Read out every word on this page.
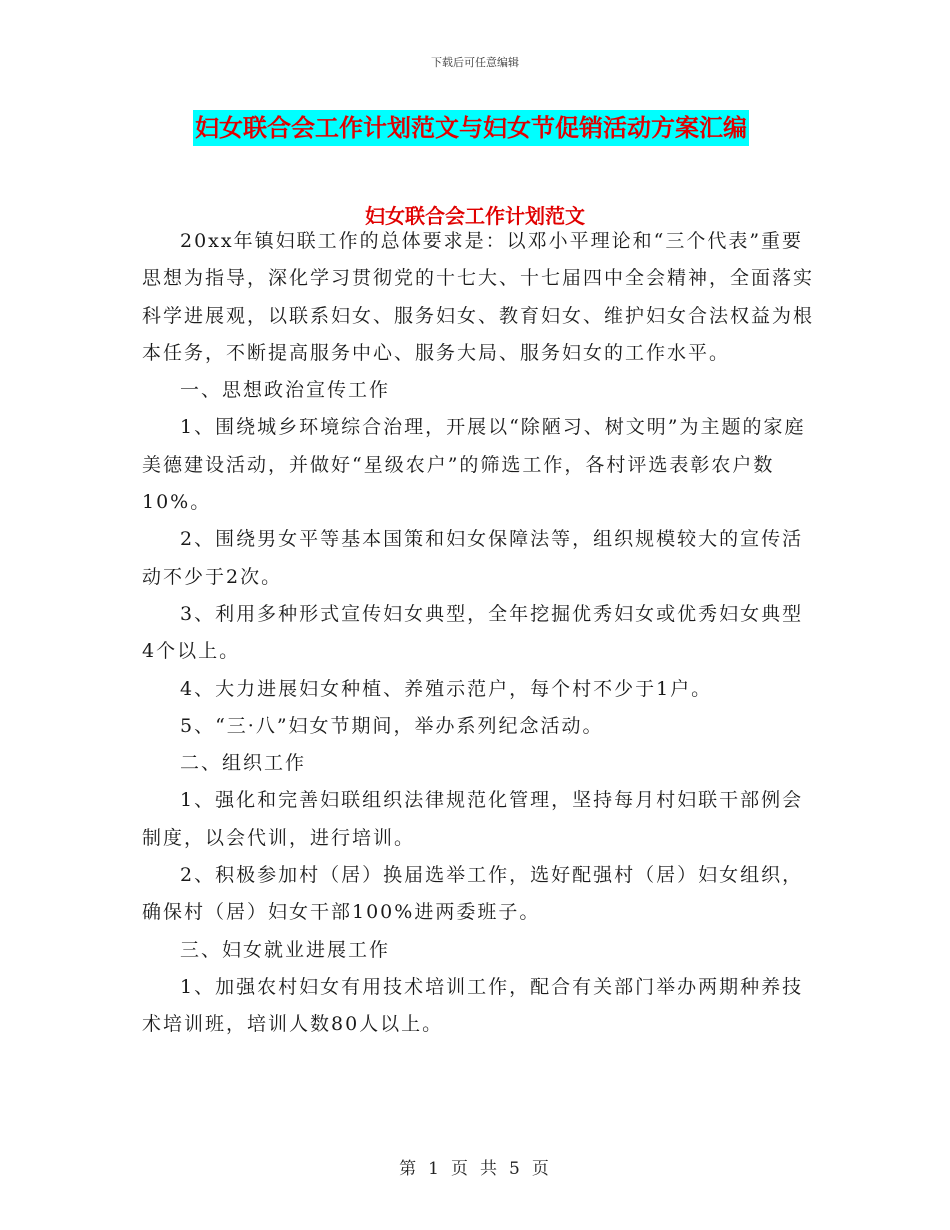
下载后可任意编辑
妇女联合会工作计划范文与妇女节促销活动方案汇编
妇女联合会工作计划范文

20xx年镇妇联工作的总体要求是：以邓小平理论和“三个代表”重要思想为指导，深化学习贯彻党的十七大、十七届四中全会精神，全面落实科学进展观，以联系妇女、服务妇女、教育妇女、维护妇女合法权益为根本任务，不断提高服务中心、服务大局、服务妇女的工作水平。

一、思想政治宣传工作

1、围绕城乡环境综合治理，开展以“除陋习、树文明”为主题的家庭美德建设活动，并做好“星级农户”的筛选工作，各村评选表彰农户数10%。

2、围绕男女平等基本国策和妇女保障法等，组织规模较大的宣传活动不少于2次。

3、利用多种形式宣传妇女典型，全年挖掘优秀妇女或优秀妇女典型4个以上。

4、大力进展妇女种植、养殖示范户，每个村不少于1户。

5、“三·八”妇女节期间，举办系列纪念活动。

二、组织工作

1、强化和完善妇联组织法律规范化管理，坚持每月村妇联干部例会制度，以会代训，进行培训。

2、积极参加村（居）换届选举工作，选好配强村（居）妇女组织，确保村（居）妇女干部100%进两委班子。

三、妇女就业进展工作

1、加强农村妇女有用技术培训工作，配合有关部门举办两期种养技术培训班，培训人数80人以上。

第 1 页 共 5 页
